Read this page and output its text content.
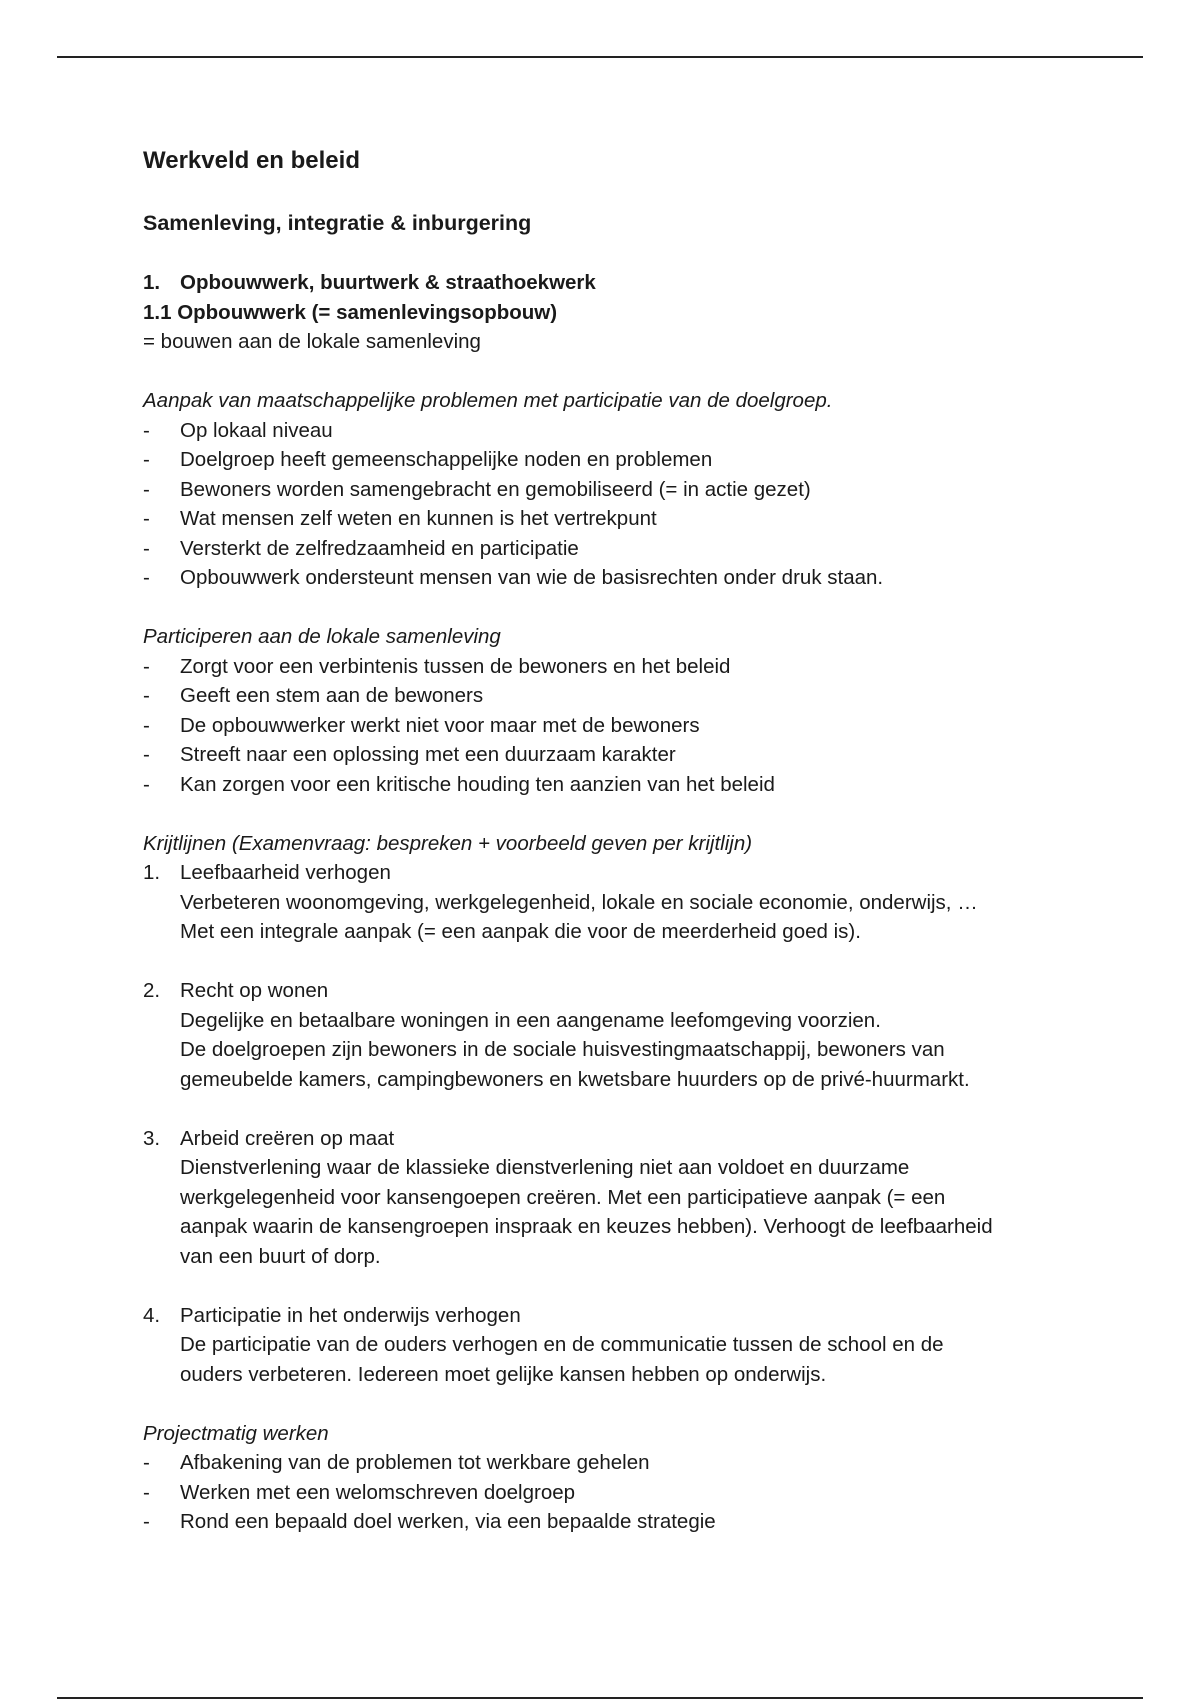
Werkveld en beleid
Samenleving, integratie & inburgering
1. Opbouwwerk, buurtwerk & straathoekwerk
1.1 Opbouwwerk (= samenlevingsopbouw)
= bouwen aan de lokale samenleving
Aanpak van maatschappelijke problemen met participatie van de doelgroep.
-	Op lokaal niveau
-	Doelgroep heeft gemeenschappelijke noden en problemen
-	Bewoners worden samengebracht en gemobiliseerd (= in actie gezet)
-	Wat mensen zelf weten en kunnen is het vertrekpunt
-	Versterkt de zelfredzaamheid en participatie
-	Opbouwwerk ondersteunt mensen van wie de basisrechten onder druk staan.
Participeren aan de lokale samenleving
-	Zorgt voor een verbintenis tussen de bewoners en het beleid
-	Geeft een stem aan de bewoners
-	De opbouwwerker werkt niet voor maar met de bewoners
-	Streeft naar een oplossing met een duurzaam karakter
-	Kan zorgen voor een kritische houding ten aanzien van het beleid
Krijtlijnen (Examenvraag: bespreken + voorbeeld geven per krijtlijn)
1. Leefbaarheid verhogen
Verbeteren woonomgeving, werkgelegenheid, lokale en sociale economie, onderwijs, …
Met een integrale aanpak (= een aanpak die voor de meerderheid goed is).
2. Recht op wonen
Degelijke en betaalbare woningen in een aangename leefomgeving voorzien.
De doelgroepen zijn bewoners in de sociale huisvestingmaatschappij, bewoners van
gemeubelde kamers, campingbewoners en kwetsbare huurders op de privé-huurmarkt.
3. Arbeid creëren op maat
Dienstverlening waar de klassieke dienstverlening niet aan voldoet en duurzame
werkgelegenheid voor kansengoepen creëren. Met een participatieve aanpak (= een
aanpak waarin de kansengroepen inspraak en keuzes hebben). Verhoogt de leefbaarheid
van een buurt of dorp.
4. Participatie in het onderwijs verhogen
De participatie van de ouders verhogen en de communicatie tussen de school en de
ouders verbeteren. Iedereen moet gelijke kansen hebben op onderwijs.
Projectmatig werken
-	Afbakening van de problemen tot werkbare gehelen
-	Werken met een welomschreven doelgroep
-	Rond een bepaald doel werken, via een bepaalde strategie
